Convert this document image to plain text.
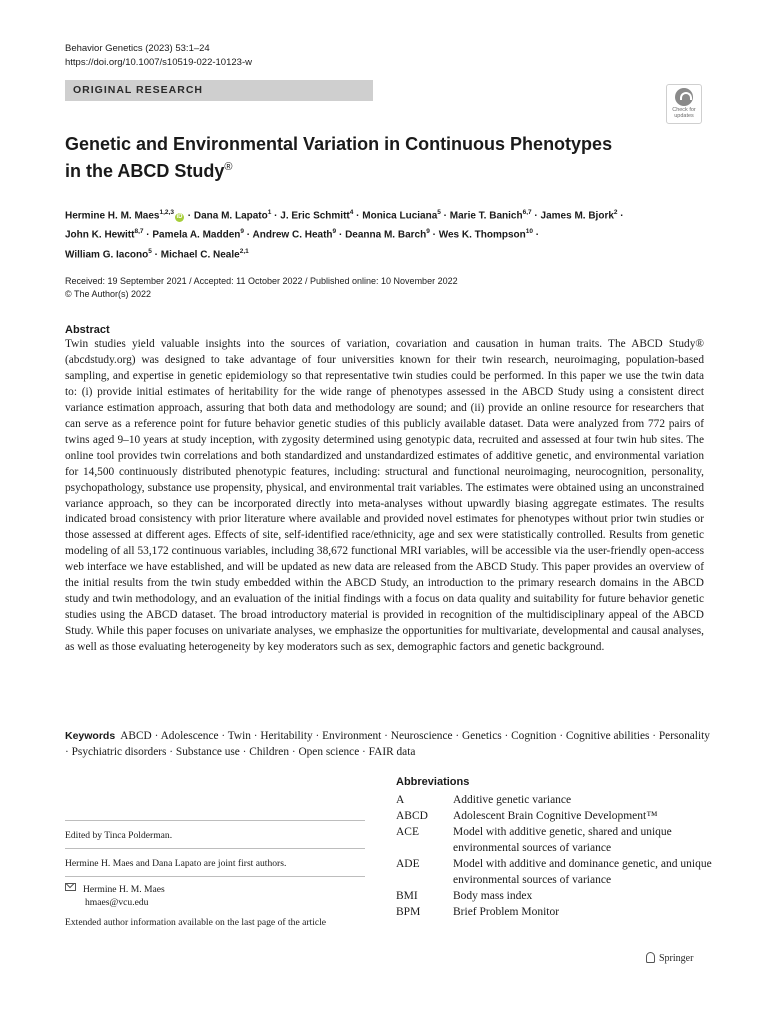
Behavior Genetics (2023) 53:1–24
https://doi.org/10.1007/s10519-022-10123-w
ORIGINAL RESEARCH
Check for
updates
Genetic and Environmental Variation in Continuous Phenotypes
in the ABCD Study®
Hermine H. M. Maes$^{1,2,3}$iD · Dana M. Lapato$^1$ · J. Eric Schmitt$^4$ · Monica Luciana$^5$ · Marie T. Banich$^{6,7}$ · James M. Bjork$^2$ ·
John K. Hewitt$^{8,7}$ · Pamela A. Madden$^9$ · Andrew C. Heath$^9$ · Deanna M. Barch$^9$ · Wes K. Thompson$^{10}$ ·
William G. Iacono$^5$ · Michael C. Neale$^{2,1}$
Received: 19 September 2021 / Accepted: 11 October 2022 / Published online: 10 November 2022
© The Author(s) 2022
Abstract

Twin studies yield valuable insights into the sources of variation, covariation and causation in human traits. The ABCD Study® (abcdstudy.org) was designed to take advantage of four universities known for their twin research, neuroimaging, population-based sampling, and expertise in genetic epidemiology so that representative twin studies could be performed. In this paper we use the twin data to: (i) provide initial estimates of heritability for the wide range of phenotypes assessed in the ABCD Study using a consistent direct variance estimation approach, assuring that both data and methodology are sound; and (ii) provide an online resource for researchers that can serve as a reference point for future behavior genetic studies of this publicly available dataset. Data were analyzed from 772 pairs of twins aged 9–10 years at study inception, with zygosity determined using genotypic data, recruited and assessed at four twin hub sites. The online tool provides twin correlations and both standardized and unstandardized estimates of additive genetic, and environmental variation for 14,500 continuously distributed phenotypic features, including: structural and functional neuroimaging, neurocognition, personality, psychopathology, substance use propensity, physical, and environmental trait variables. The estimates were obtained using an unconstrained variance approach, so they can be incorporated directly into meta-analyses without upwardly biasing aggregate estimates. The results indicated broad consistency with prior literature where available and provided novel estimates for phenotypes without prior twin studies or those assessed at different ages. Effects of site, self-identified race/ethnicity, age and sex were statistically controlled. Results from genetic modeling of all 53,172 continuous variables, including 38,672 functional MRI variables, will be accessible via the user-friendly open-access web interface we have established, and will be updated as new data are released from the ABCD Study. This paper provides an overview of the initial results from the twin study embedded within the ABCD Study, an introduction to the primary research domains in the ABCD study and twin methodology, and an evaluation of the initial findings with a focus on data quality and suitability for future behavior genetic studies using the ABCD dataset. The broad introductory material is provided in recognition of the multidisciplinary appeal of the ABCD Study. While this paper focuses on univariate analyses, we emphasize the opportunities for multivariate, developmental and causal analyses, as well as those evaluating heterogeneity by key moderators such as sex, demographic factors and genetic background.

Keywords ABCD · Adolescence · Twin · Heritability · Environment · Neuroscience · Genetics · Cognition · Cognitive abilities · Personality · Psychiatric disorders · Substance use · Children · Open science · FAIR data

Abbreviations
A	Additive genetic variance
ABCD	Adolescent Brain Cognitive Development™
ACE	Model with additive genetic, shared and unique environmental sources of variance
ADE	Model with additive and dominance genetic, and unique environmental sources of variance
BMI	Body mass index
BPM	Brief Problem Monitor
Edited by Tinca Polderman.
Hermine H. Maes and Dana Lapato are joint first authors.
Hermine H. M. Maes
hmaes@vcu.edu
Extended author information available on the last page of the article
Springer
